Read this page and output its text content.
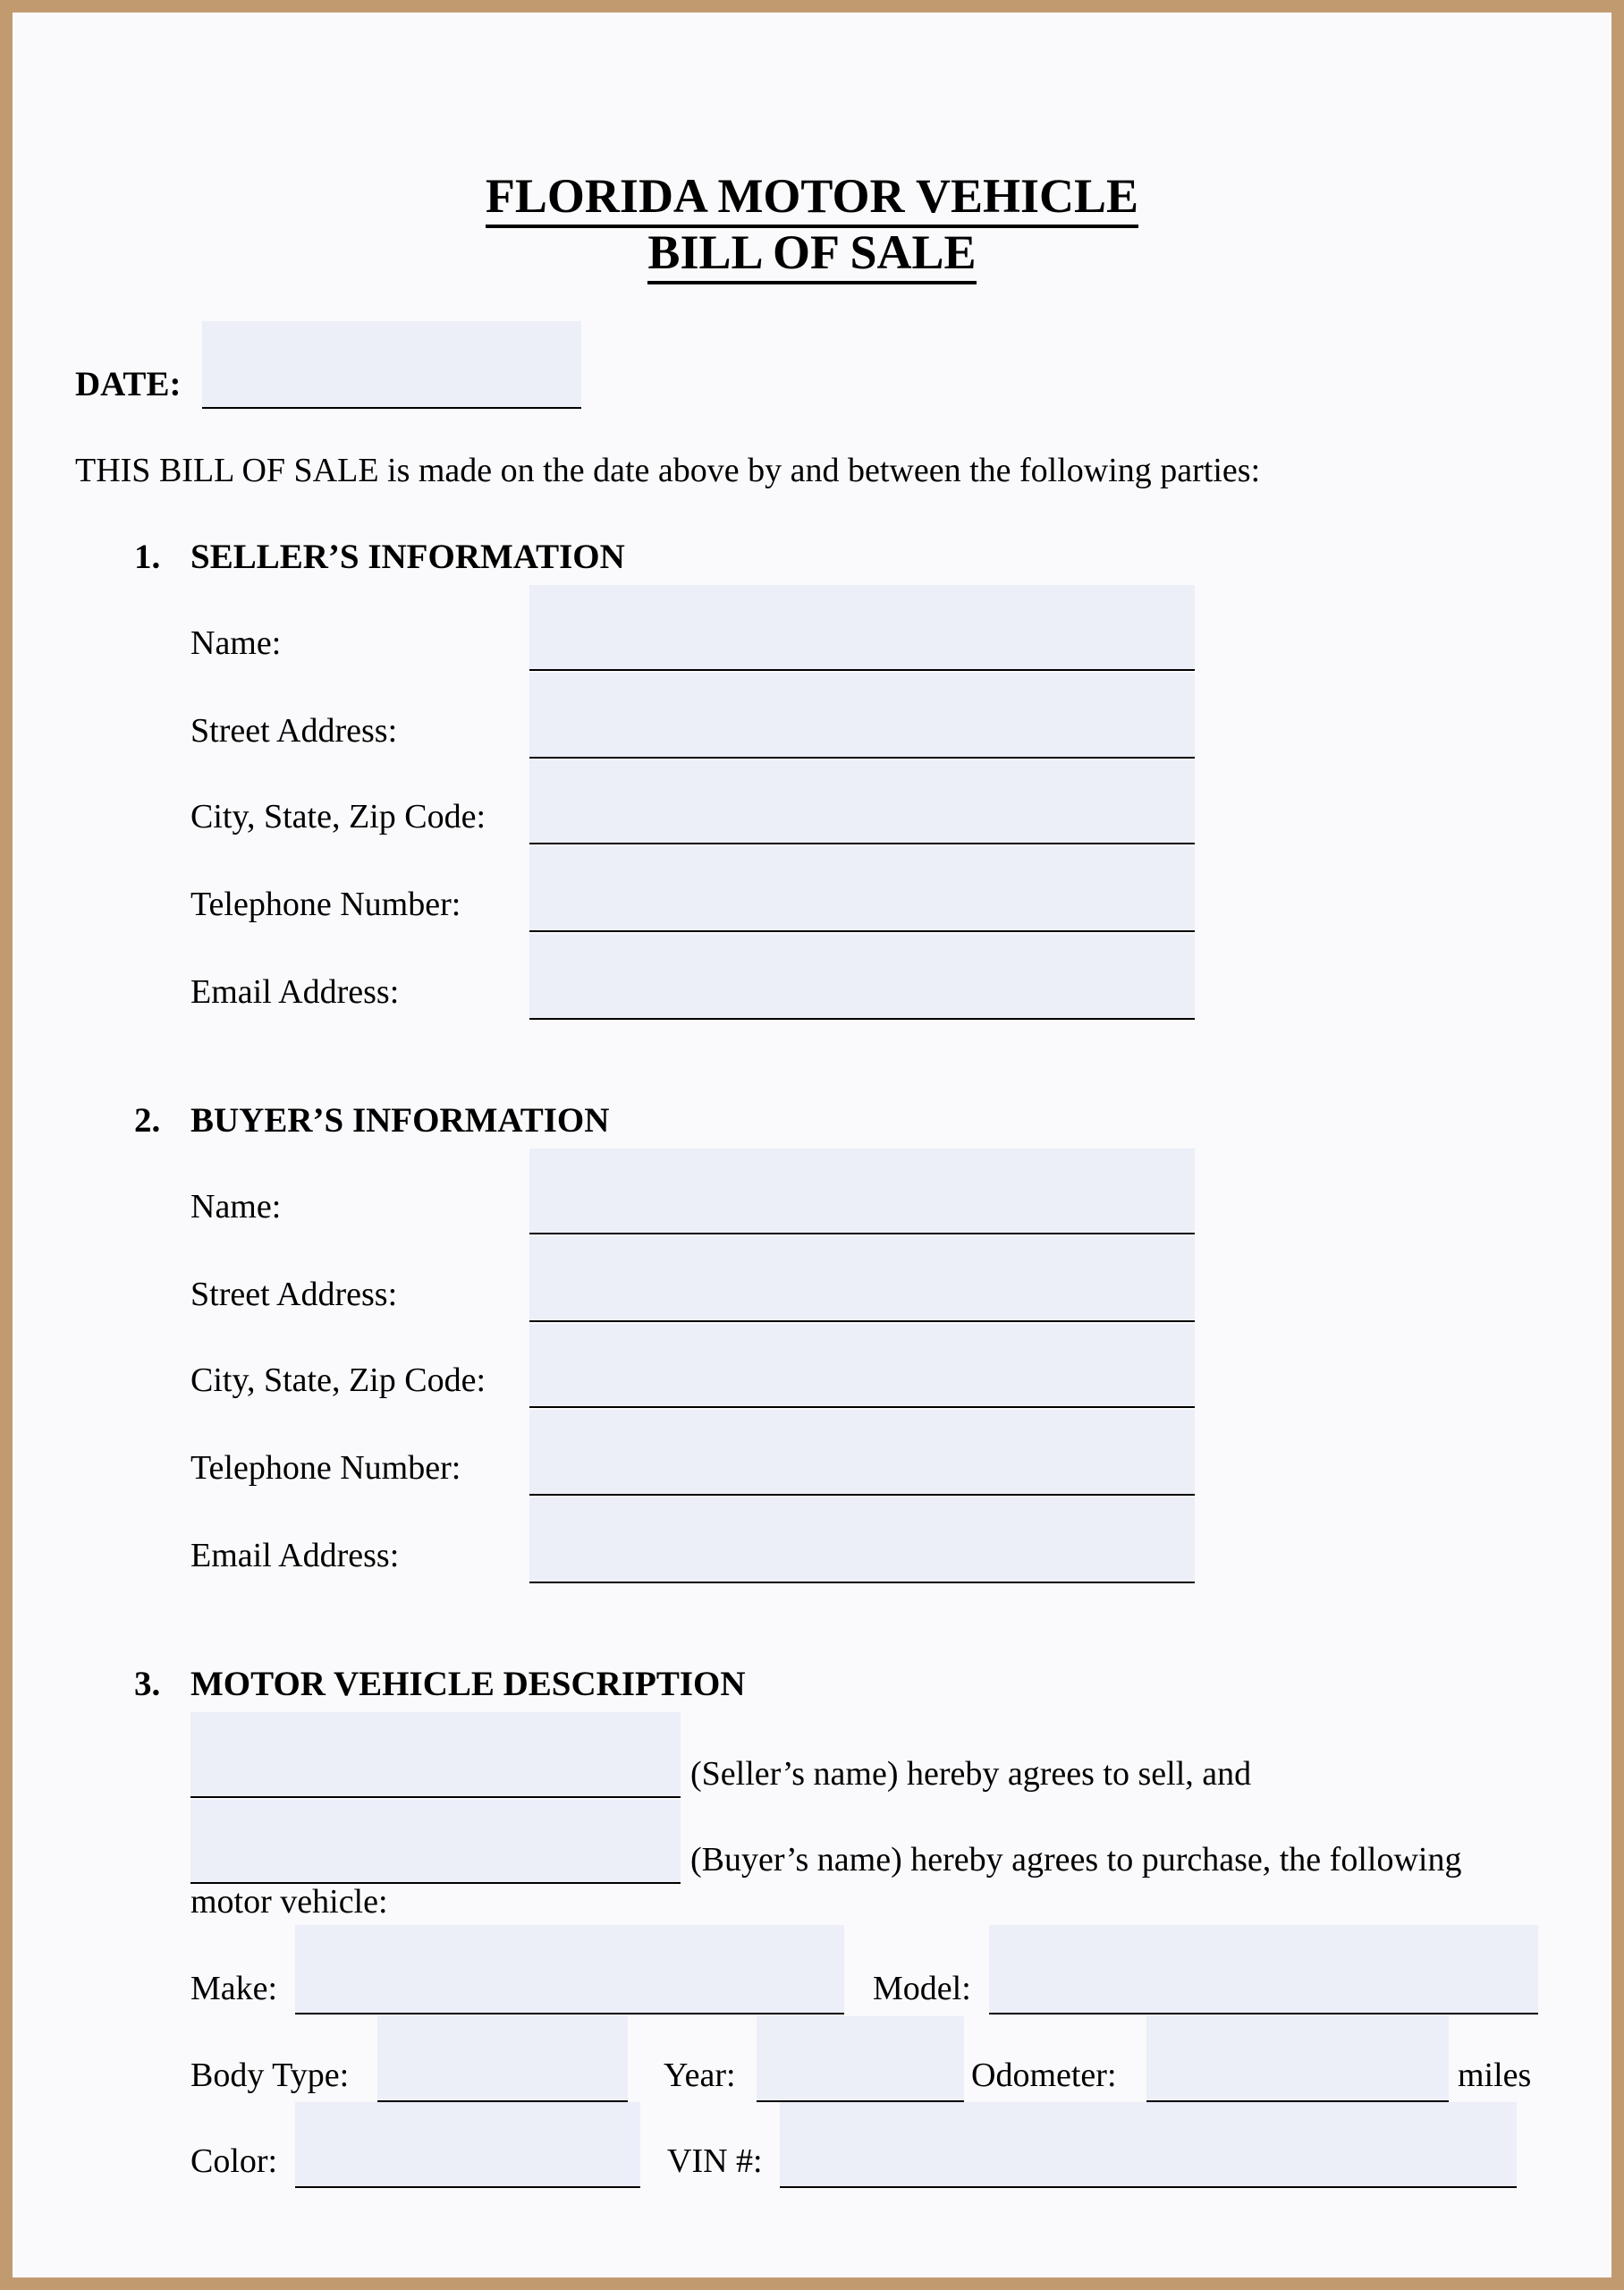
FLORIDA MOTOR VEHICLE
BILL OF SALE
DATE:
THIS BILL OF SALE is made on the date above by and between the following parties:
1. SELLER’S INFORMATION
Name:
Street Address:
City, State, Zip Code:
Telephone Number:
Email Address:
2. BUYER’S INFORMATION
Name:
Street Address:
City, State, Zip Code:
Telephone Number:
Email Address:
3. MOTOR VEHICLE DESCRIPTION
(Seller’s name) hereby agrees to sell, and
(Buyer’s name) hereby agrees to purchase, the following
motor vehicle:
Make:	Model:
Body Type:	Year:	Odometer:	miles
Color:	VIN #:
